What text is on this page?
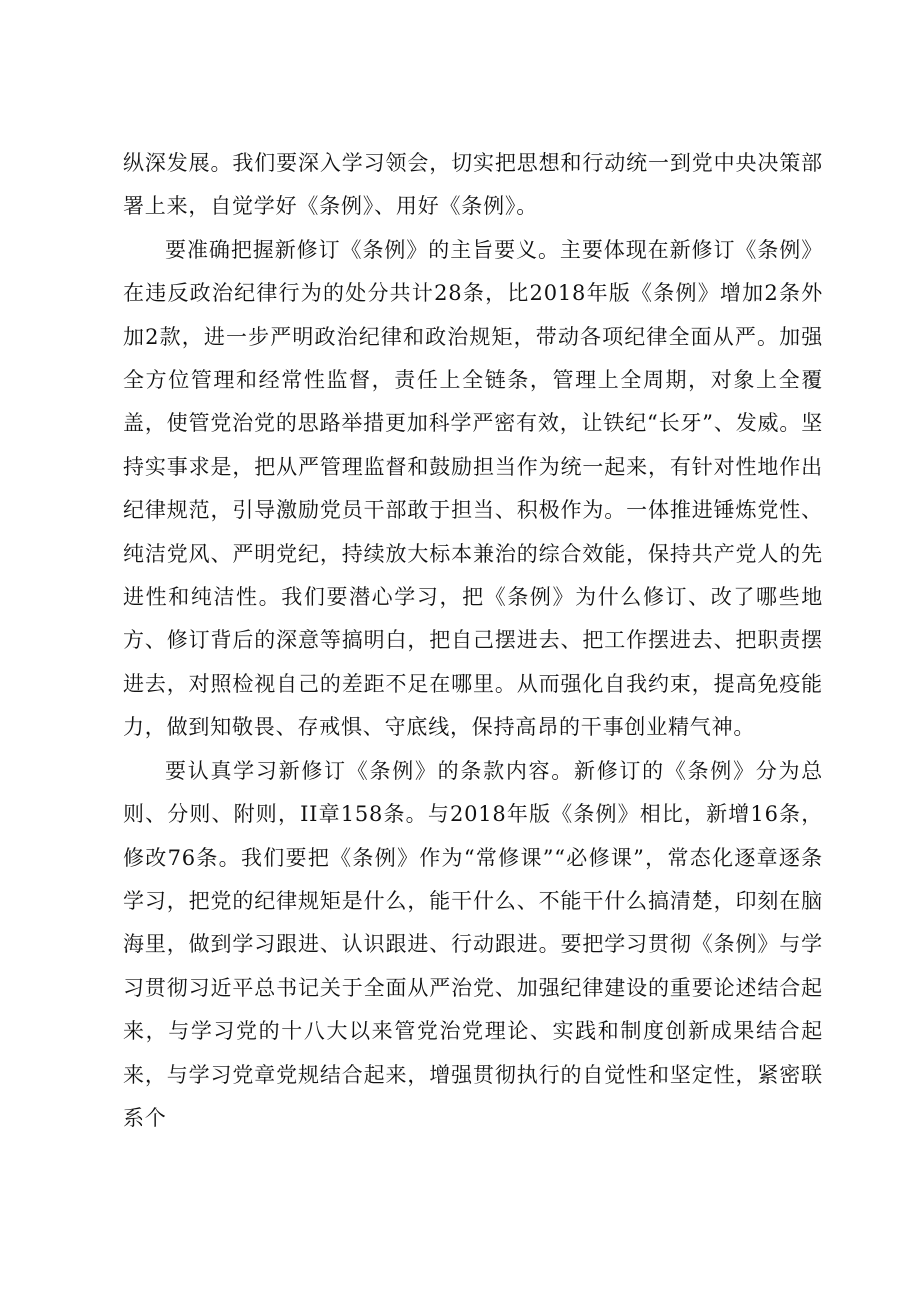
纵深发展。我们要深入学习领会，切实把思想和行动统一到党中央决策部署上来，自觉学好《条例》、用好《条例》。

要准确把握新修订《条例》的主旨要义。主要体现在新修订《条例》在违反政治纪律行为的处分共计28条，比2018年版《条例》增加2条外加2款，进一步严明政治纪律和政治规矩，带动各项纪律全面从严。加强全方位管理和经常性监督，责任上全链条，管理上全周期，对象上全覆盖，使管党治党的思路举措更加科学严密有效，让铁纪“长牙”、发威。坚持实事求是，把从严管理监督和鼓励担当作为统一起来，有针对性地作出纪律规范，引导激励党员干部敢于担当、积极作为。一体推进锤炼党性、纯洁党风、严明党纪，持续放大标本兼治的综合效能，保持共产党人的先进性和纯洁性。我们要潜心学习，把《条例》为什么修订、改了哪些地方、修订背后的深意等搞明白，把自己摆进去、把工作摆进去、把职责摆进去，对照检视自己的差距不足在哪里。从而强化自我约束，提高免疫能力，做到知敬畏、存戒惧、守底线，保持高昂的干事创业精气神。

要认真学习新修订《条例》的条款内容。新修订的《条例》分为总则、分则、附则，II章158条。与2018年版《条例》相比，新增16条，修改76条。我们要把《条例》作为“常修课”“必修课”，常态化逐章逐条学习，把党的纪律规矩是什么，能干什么、不能干什么搞清楚，印刻在脑海里，做到学习跟进、认识跟进、行动跟进。要把学习贯彻《条例》与学习贯彻习近平总书记关于全面从严治党、加强纪律建设的重要论述结合起来，与学习党的十八大以来管党治党理论、实践和制度创新成果结合起来，与学习党章党规结合起来，增强贯彻执行的自觉性和坚定性，紧密联系个
